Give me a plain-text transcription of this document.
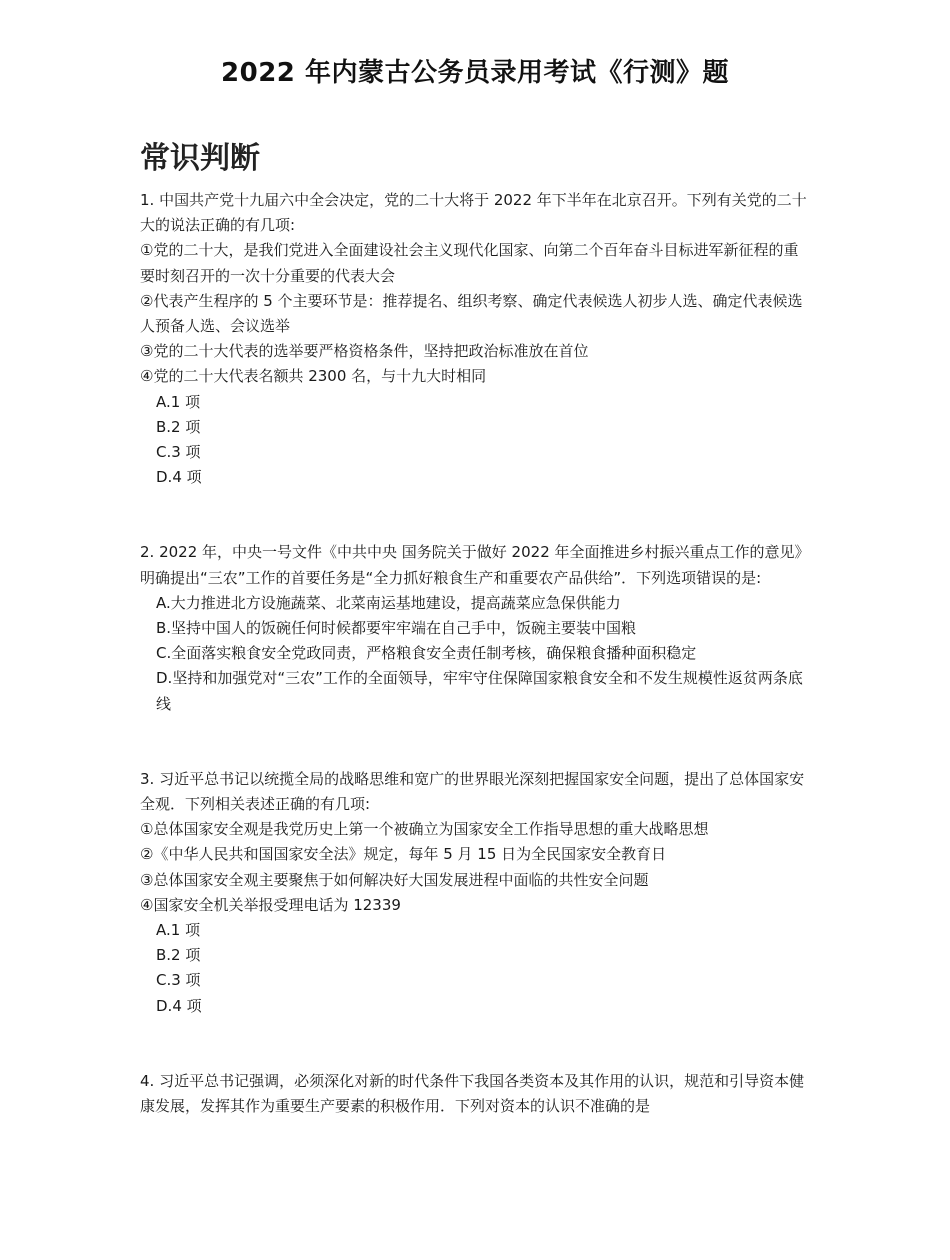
2022 年内蒙古公务员录用考试《行测》题
常识判断

1. 中国共产党十九届六中全会决定，党的二十大将于 2022 年下半年在北京召开。下列有关党的二十大的说法正确的有几项:

①党的二十大，是我们党进入全面建设社会主义现代化国家、向第二个百年奋斗目标进军新征程的重要时刻召开的一次十分重要的代表大会

②代表产生程序的 5 个主要环节是：推荐提名、组织考察、确定代表候选人初步人选、确定代表候选人预备人选、会议选举

③党的二十大代表的选举要严格资格条件，坚持把政治标准放在首位

④党的二十大代表名额共 2300 名，与十九大时相同

A.1 项

B.2 项

C.3 项

D.4 项

2. 2022 年，中央一号文件《中共中央 国务院关于做好 2022 年全面推进乡村振兴重点工作的意见》明确提出“三农”工作的首要任务是“全力抓好粮食生产和重要农产品供给”．下列选项错误的是:

A.大力推进北方设施蔬菜、北菜南运基地建设，提高蔬菜应急保供能力

B.坚持中国人的饭碗任何时候都要牢牢端在自己手中，饭碗主要装中国粮

C.全面落实粮食安全党政同责，严格粮食安全责任制考核，确保粮食播种面积稳定

D.坚持和加强党对“三农”工作的全面领导，牢牢守住保障国家粮食安全和不发生规模性返贫两条底线

3. 习近平总书记以统揽全局的战略思维和宽广的世界眼光深刻把握国家安全问题，提出了总体国家安全观．下列相关表述正确的有几项:

①总体国家安全观是我党历史上第一个被确立为国家安全工作指导思想的重大战略思想

②《中华人民共和国国家安全法》规定，每年 5 月 15 日为全民国家安全教育日

③总体国家安全观主要聚焦于如何解决好大国发展进程中面临的共性安全问题

④国家安全机关举报受理电话为 12339

A.1 项

B.2 项

C.3 项

D.4 项

4. 习近平总书记强调，必须深化对新的时代条件下我国各类资本及其作用的认识，规范和引导资本健康发展，发挥其作为重要生产要素的积极作用．下列对资本的认识不准确的是
